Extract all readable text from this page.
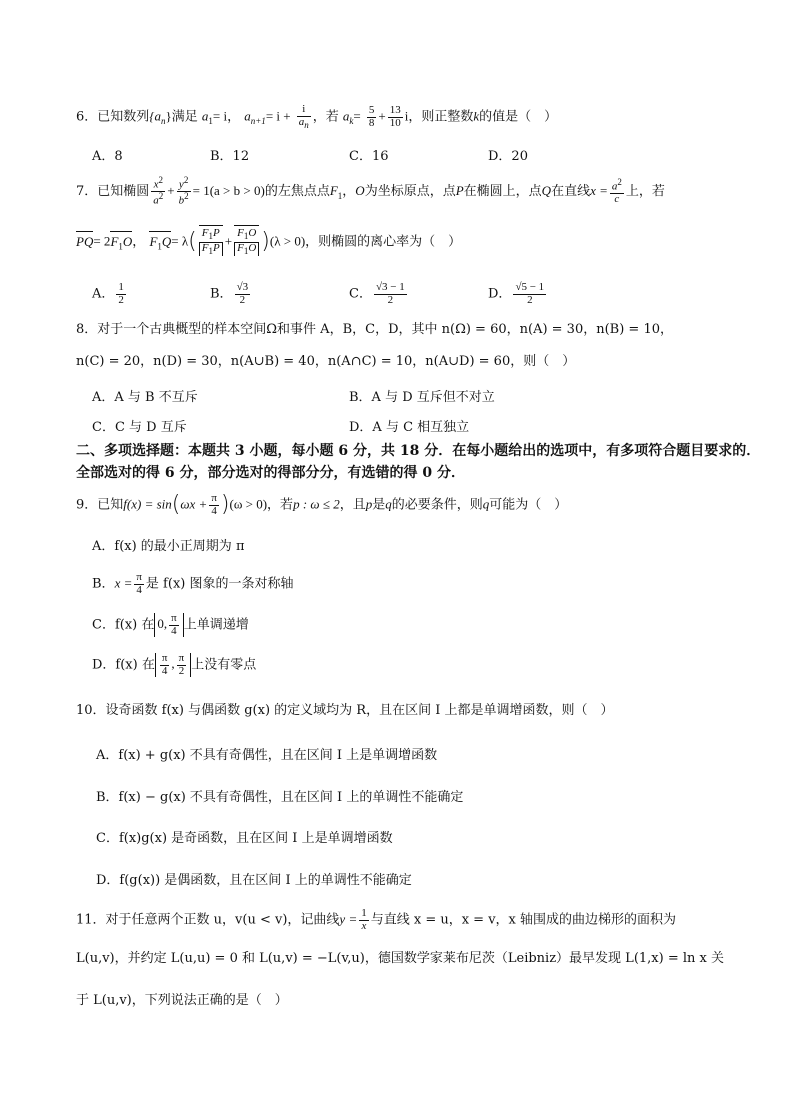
6．已知数列$\{a_n\}$满足 $a_1= i$， $a_{n+1}= i + \frac{i}{a_n}$ ，若 $a_k= \frac{5}{8} + \frac{13}{10}$ i，则正整数k的值是（　）
A．8	B．12	C．16	D．20
7．已知椭圆 $\frac{x^2}{a^2} + \frac{y^2}{b^2} = 1(a > b > 0)$的左焦点点$F_1$，O为坐标原点，点P在椭圆上，点Q在直线$x = \frac{a^2}{c}$ 上，若
$PQ= 2F_1O$， $F_1Q= \lambda( \frac{F_1P}{F_1P} + \frac{F_1O}{F_1O} )(\lambda > 0)$，则椭圆的离心率为（　）
A． $\frac{1}{2}$	B． $\frac{√3}{2}$	C． $\frac{√3 - 1}{2}$	D． $\frac{√5 - 1}{2}$
8．对于一个古典概型的样本空间Ω和事件 A，B，C，D，其中 n(Ω) = 60，n(A) = 30，n(B) = 10，
n(C) = 20，n(D) = 30，n(A∪B) = 40，n(A∩C) = 10，n(A∪D) = 60，则（　）
A．A 与 B 不互斥	B．A 与 D 互斥但不对立
C．C 与 D 互斥	D．A 与 C 相互独立
二、多项选择题：本题共 3 小题，每小题 6 分，共 18 分．在每小题给出的选项中，有多项符合题目要求的．全部选对的得 6 分，部分选对的得部分分，有选错的得 0 分．
9．已知$f(x) = \sin(\omega x + \frac{\pi}{4} )(\omega > 0)$，若p : ω ≤ 2，且p是q的必要条件，则q可能为（　）
A．f(x) 的最小正周期为 π
B．$x = \frac{\pi}{4}$ 是 f(x) 图象的一条对称轴
C．f(x) 在 0, $\frac{\pi}{4}$ 上单调递增
D．f(x) 在 $\frac{\pi}{4}$ , $\frac{\pi}{2}$ 上没有零点
10．设奇函数 f(x) 与偶函数 g(x) 的定义域均为 R，且在区间 I 上都是单调增函数，则（　）
A．f(x) + g(x) 不具有奇偶性，且在区间 I 上是单调增函数
B．f(x) − g(x) 不具有奇偶性，且在区间 I 上的单调性不能确定
C．f(x)g(x) 是奇函数，且在区间 I 上是单调增函数
D．f(g(x)) 是偶函数，且在区间 I 上的单调性不能确定
11．对于任意两个正数 u，v(u < v)，记曲线$y = \frac{1}{x}$ 与直线 x = u，x = v，x 轴围成的曲边梯形的面积为
L(u,v)，并约定 L(u,u) = 0 和 L(u,v) = −L(v,u)，德国数学家莱布尼茨（Leibniz）最早发现 L(1,x) = ln x 关
于 L(u,v)，下列说法正确的是（　）
